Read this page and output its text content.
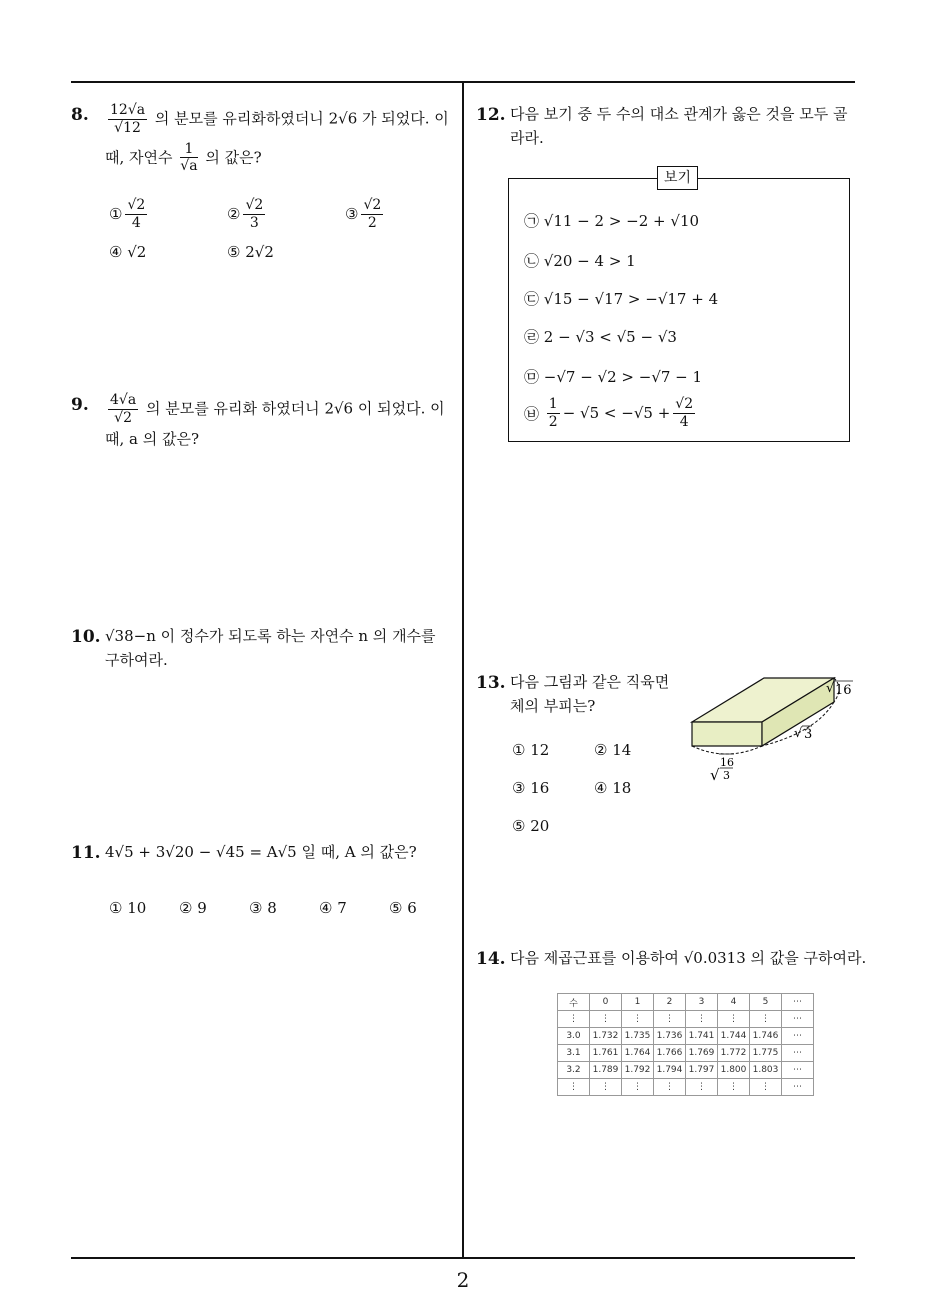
2
8. $\frac{12√a}{√12}$ 의 분모를 유리화하였더니 2√6 가 되었다. 이
때, 자연수 $\frac{1}{√a}$ 의 값은?
① $\frac{√2}{4}$	② $\frac{√2}{3}$	③ $\frac{√2}{2}$
④
√2	⑤
2√2
9. $\frac{4√a}{√2}$ 의 분모를 유리화 하였더니 2√6 이 되었다. 이
때, a 의 값은?
10. √38−n 이 정수가 되도록 하는 자연수 n 의 개수를
구하여라.
11. 4√5 + 3√20 − √45 = A√5 일 때, A 의 값은?
① 10	② 9	③ 8	④ 7	⑤ 6
12. 다음 보기 중 두 수의 대소 관계가 옳은 것을 모두 골
라라.
보기
㉠ √11 − 2 > −2 + √10
㉡ √20 − 4 > 1
㉢ √15 − √17 > −√17 + 4
㉣ 2 − √3 < √5 − √3
㉤ −√7 − √2 > −√7 − 1
㉥
$\frac{1}{2} - √5 < -√5 + \frac{√2}{4}$
13. 다음 그림과 같은 직육면
체의 부피는?
① 12	② 14
③ 16	④ 18
⑤ 20
√ 16
√ 3
√
16
3
14. 다음 제곱근표를 이용하여 √0.0313 의 값을 구하여라.
수	0	1	2	3	4	5	⋯
⋮	⋮	⋮	⋮	⋮	⋮	⋮	⋯
3.0	1.732	1.735	1.736	1.741	1.744	1.746	⋯
3.1	1.761	1.764	1.766	1.769	1.772	1.775	⋯
3.2	1.789	1.792	1.794	1.797	1.800	1.803	⋯
⋮	⋮	⋮	⋮	⋮	⋮	⋮	⋯
